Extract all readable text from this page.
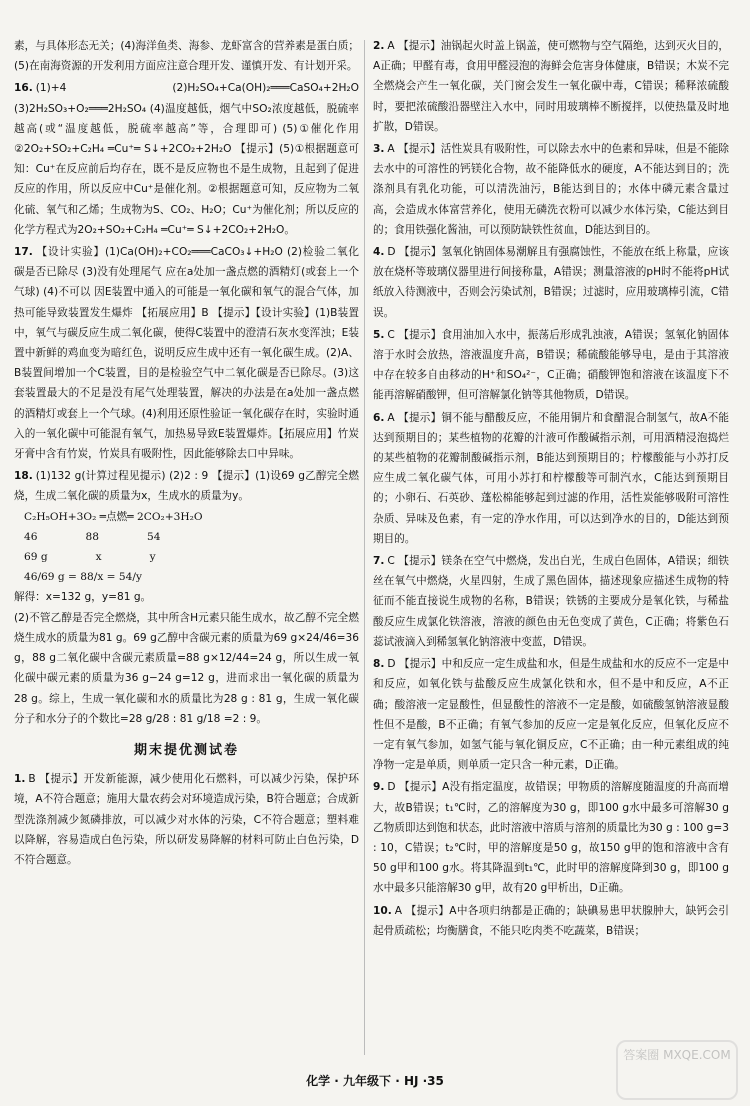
素，与具体形态无关；(4)海洋鱼类、海参、龙虾富含的营养素是蛋白质；(5)在南海资源的开发利用方面应注意合理开发、谨慎开发、有计划开采。

16. (1)+4 (2)H₂SO₄+Ca(OH)₂═══CaSO₄+2H₂O (3)2H₂SO₃+O₂═══2H₂SO₄ (4)温度越低，烟气中SO₂浓度越低，脱硫率越高(或“温度越低，脱硫率越高”等，合理即可) (5)①催化作用 ②2O₂+SO₂+C₂H₄ ═Cu⁺═ S↓+2CO₂+2H₂O 【提示】(5)①根据题意可知：Cu⁺在反应前后均存在，既不是反应物也不是生成物，且起到了促进反应的作用，所以反应中Cu⁺是催化剂。②根据题意可知，反应物为二氧化硫、氧气和乙烯；生成物为S、CO₂、H₂O；Cu⁺为催化剂；所以反应的化学方程式为2O₂+SO₂+C₂H₄ ═Cu⁺═ S↓+2CO₂+2H₂O。

17. 【设计实验】(1)Ca(OH)₂+CO₂═══CaCO₃↓+H₂O (2)检验二氧化碳是否已除尽 (3)没有处理尾气 应在a处加一盏点燃的酒精灯(或套上一个气球) (4)不可以 因E装置中通入的可能是一氧化碳和氧气的混合气体，加热可能导致装置发生爆炸 【拓展应用】B 【提示】【设计实验】(1)B装置中，氧气与碳反应生成二氧化碳，使得C装置中的澄清石灰水变浑浊；E装置中新鲜的鸡血变为暗红色，说明反应生成中还有一氧化碳生成。(2)A、B装置间增加一个C装置，目的是检验空气中二氧化碳是否已除尽。(3)这套装置最大的不足是没有尾气处理装置，解决的办法是在a处加一盏点燃的酒精灯或套上一个气球。(4)利用还原性验证一氧化碳存在时，实验时通入的一氧化碳中可能混有氧气，加热易导致E装置爆炸。【拓展应用】竹炭牙膏中含有竹炭，竹炭具有吸附性，因此能够除去口中异味。

18. (1)132 g(计算过程见提示) (2)2 : 9 【提示】(1)设69 g乙醇完全燃烧，生成二氧化碳的质量为x，生成水的质量为y。
C₂H₅OH+3O₂ ═点燃═ 2CO₂+3H₂O
46	88	54
69 g	x	y
46/69 g = 88/x = 54/y
解得：x=132 g，y=81 g。
(2)不管乙醇是否完全燃烧，其中所含H元素只能生成水，故乙醇不完全燃烧生成水的质量为81 g。69 g乙醇中含碳元素的质量为69 g×24/46=36 g，88 g二氧化碳中含碳元素质量=88 g×12/44=24 g，所以生成一氧化碳中碳元素的质量为36 g−24 g=12 g，进而求出一氧化碳的质量为28 g。综上，生成一氧化碳和水的质量比为28 g : 81 g，生成一氧化碳分子和水分子的个数比=28 g/28 : 81 g/18 =2 : 9。
期末提优测试卷

1. B 【提示】开发新能源，减少使用化石燃料，可以减少污染，保护环境，A不符合题意；施用大量农药会对环境造成污染，B符合题意；合成新型洗涤剂减少氮磷排放，可以减少对水体的污染，C不符合题意；塑料难以降解，容易造成白色污染，所以研发易降解的材料可防止白色污染，D不符合题意。

2. A 【提示】油锅起火时盖上锅盖，使可燃物与空气隔绝，达到灭火目的，A正确；甲醛有毒，食用甲醛浸泡的海鲜会危害身体健康，B错误；木炭不完全燃烧会产生一氧化碳，关门窗会发生一氧化碳中毒，C错误；稀释浓硫酸时，要把浓硫酸沿器壁注入水中，同时用玻璃棒不断搅拌，以使热量及时地扩散，D错误。

3. A 【提示】活性炭具有吸附性，可以除去水中的色素和异味，但是不能除去水中的可溶性的钙镁化合物，故不能降低水的硬度，A不能达到目的；洗涤剂具有乳化功能，可以清洗油污，B能达到目的；水体中磷元素含量过高，会造成水体富营养化，使用无磷洗衣粉可以减少水体污染，C能达到目的；食用铁强化酱油，可以预防缺铁性贫血，D能达到目的。

4. D 【提示】氢氧化钠固体易潮解且有强腐蚀性，不能放在纸上称量，应该放在烧杯等玻璃仪器里进行间接称量，A错误；测量溶液的pH时不能将pH试纸放入待测液中，否则会污染试剂，B错误；过滤时，应用玻璃棒引流，C错误。

5. C 【提示】食用油加入水中，振荡后形成乳浊液，A错误；氢氧化钠固体溶于水时会放热，溶液温度升高，B错误；稀硫酸能够导电，是由于其溶液中存在较多自由移动的H⁺和SO₄²⁻，C正确；硝酸钾饱和溶液在该温度下不能再溶解硝酸钾，但可溶解氯化钠等其他物质，D错误。

6. A 【提示】铜不能与醋酸反应，不能用铜片和食醋混合制氢气，故A不能达到预期目的；某些植物的花瓣的汁液可作酸碱指示剂，可用酒精浸泡捣烂的某些植物的花瓣制酸碱指示剂，B能达到预期目的；柠檬酸能与小苏打反应生成二氧化碳气体，可用小苏打和柠檬酸等可制汽水，C能达到预期目的；小卵石、石英砂、蓬松棉能够起到过滤的作用，活性炭能够吸附可溶性杂质、异味及色素，有一定的净水作用，可以达到净水的目的，D能达到预期目的。

7. C 【提示】镁条在空气中燃烧，发出白光，生成白色固体，A错误；细铁丝在氧气中燃烧，火星四射，生成了黑色固体，描述现象应描述生成物的特征而不能直接说生成物的名称，B错误；铁锈的主要成分是氧化铁，与稀盐酸反应生成氯化铁溶液，溶液的颜色由无色变成了黄色，C正确；将紫色石蕊试液滴入到稀氢氧化钠溶液中变蓝，D错误。

8. D 【提示】中和反应一定生成盐和水，但是生成盐和水的反应不一定是中和反应，如氧化铁与盐酸反应生成氯化铁和水，但不是中和反应，A不正确；酸溶液一定显酸性，但显酸性的溶液不一定是酸，如硫酸氢钠溶液显酸性但不是酸，B不正确；有氧气参加的反应一定是氧化反应，但氧化反应不一定有氧气参加，如氢气能与氧化铜反应，C不正确；由一种元素组成的纯净物一定是单质，则单质一定只含一种元素，D正确。

9. D 【提示】A没有指定温度，故错误；甲物质的溶解度随温度的升高而增大，故B错误；t₁℃时，乙的溶解度为30 g，即100 g水中最多可溶解30 g乙物质即达到饱和状态，此时溶液中溶质与溶剂的质量比为30 g : 100 g=3 : 10，C错误；t₂℃时，甲的溶解度是50 g，故150 g甲的饱和溶液中含有50 g甲和100 g水。将其降温到t₁℃，此时甲的溶解度降到30 g，即100 g水中最多只能溶解30 g甲，故有20 g甲析出，D正确。

10. A 【提示】A中各项归纳都是正确的；缺碘易患甲状腺肿大，缺钙会引起骨质疏松；均衡膳食，不能只吃肉类不吃蔬菜，B错误；

化学 · 九年级下 · HJ ·35
答案圈 MXQE.COM
